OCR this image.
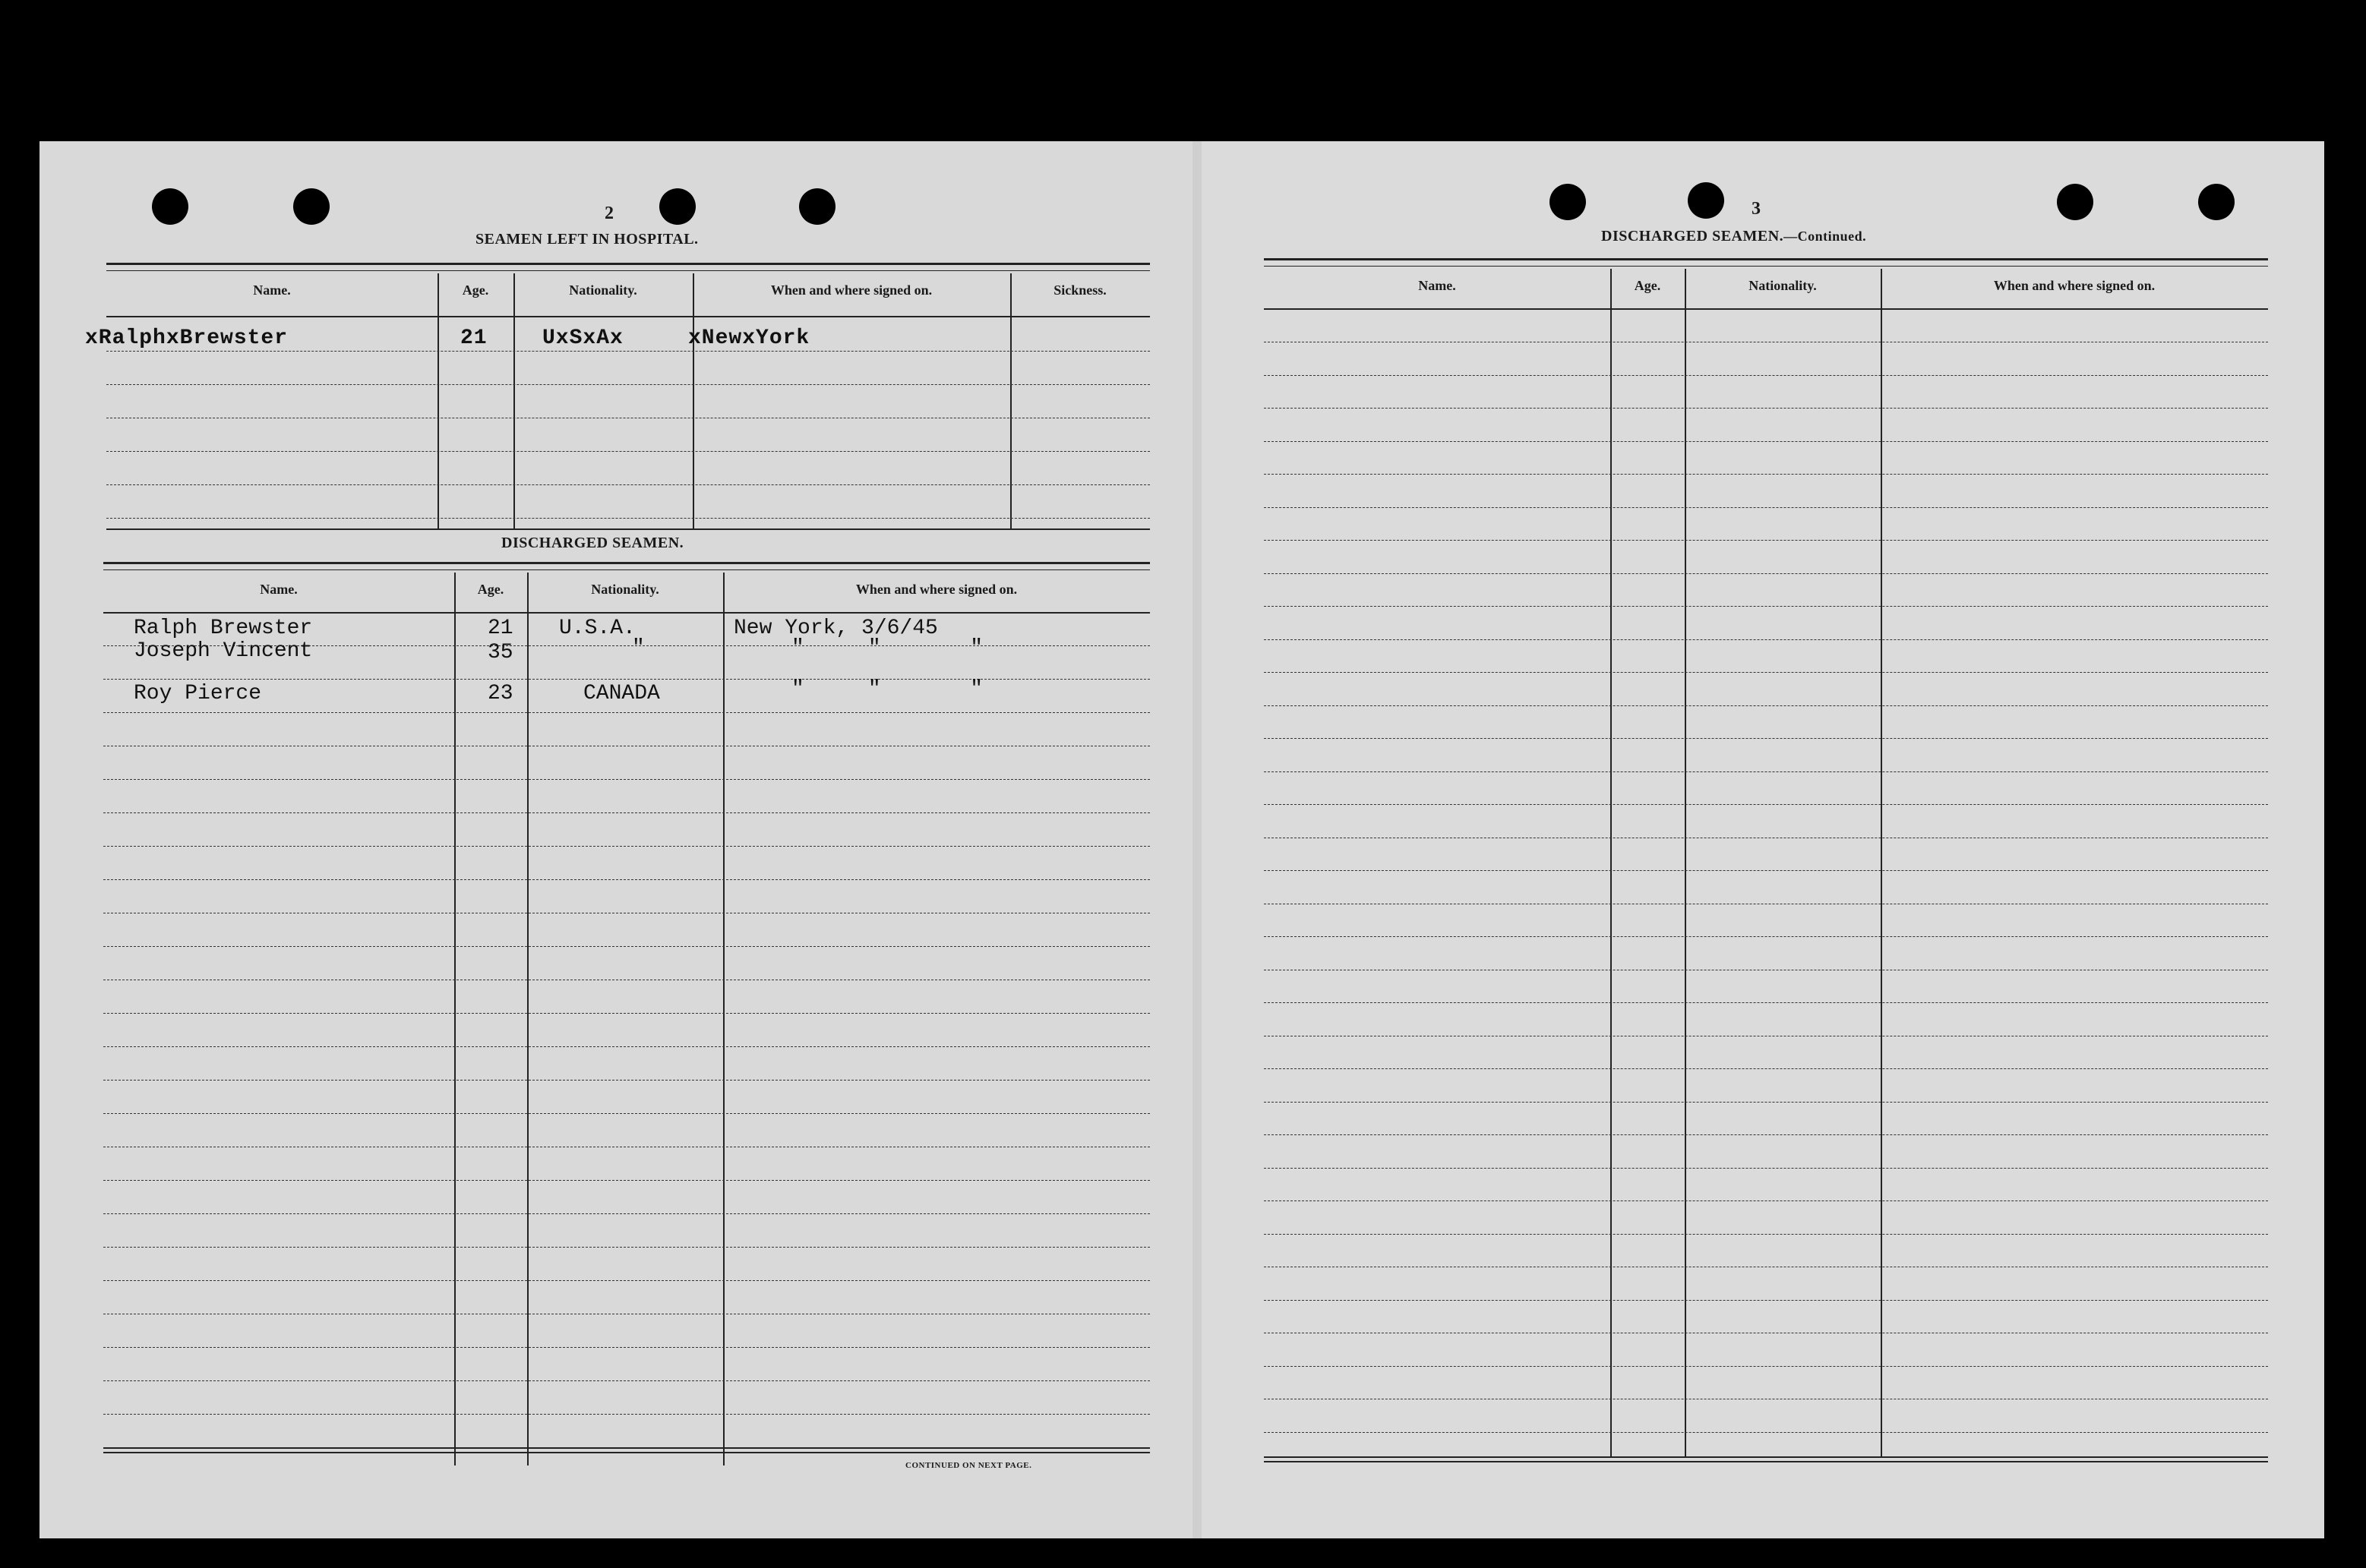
2
SEAMEN LEFT IN HOSPITAL.
Name.	Age.	Nationality.	When and where signed on.	Sickness.
xRalphxBrewster	21	UxSxAx	xNewxYork
DISCHARGED SEAMEN.
Name.	Age.	Nationality.	When and where signed on.
Ralph Brewster	21 U.S.A.	New York, 3/6/45
Joseph Vincent	35	"	"     "       "
Roy Pierce	23	CANADA	"     "       "
CONTINUED ON NEXT PAGE.
3
DISCHARGED SEAMEN.—Continued.
Name.	Age.	Nationality.	When and where signed on.
